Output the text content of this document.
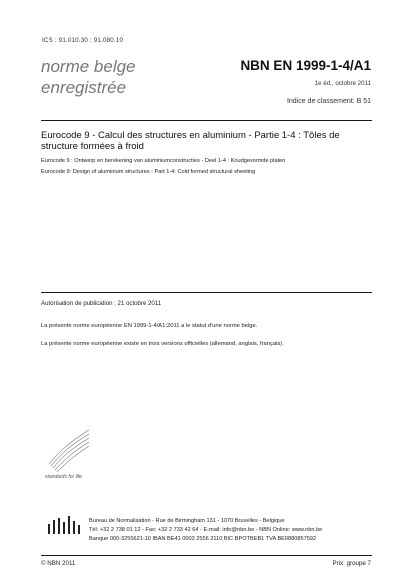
ICS : 91.010.30 ; 91.080.10
norme belge
enregistrée
NBN EN 1999-1-4/A1
1e éd., octobre 2011
Indice de classement: B 51
Eurocode 9 - Calcul des structures en aluminium - Partie 1-4 : Tôles de structure formées à froid
Eurocode 9 : Ontwerp en berekening van aluminiumconstructies - Deel 1-4 : Koudgevormde platen
Eurocode 9: Design of aluminium structures - Part 1-4: Cold formed structural sheeting
Autorisation de publication : 21 octobre 2011
La présente norme européenne EN 1999-1-4/A1:2011 a le statut d'une norme belge.
La présente norme européenne existe en trois versions officielles (allemand, anglais, français).
standards for life
Bureau de Normalisation - Rue de Birmingham 131 - 1070 Bruxelles - Belgique
Tél: +32 2 738 01 12 - Fax: +32 2 733 42 64 - E-mail: info@nbn.be - NBN Online: www.nbn.be
Banque 000-3255621-10 IBAN BE41 0003 2556 2110 BIC BPOTBEB1 TVA BE0880857592
© NBN 2011	Prix: groupe 7
